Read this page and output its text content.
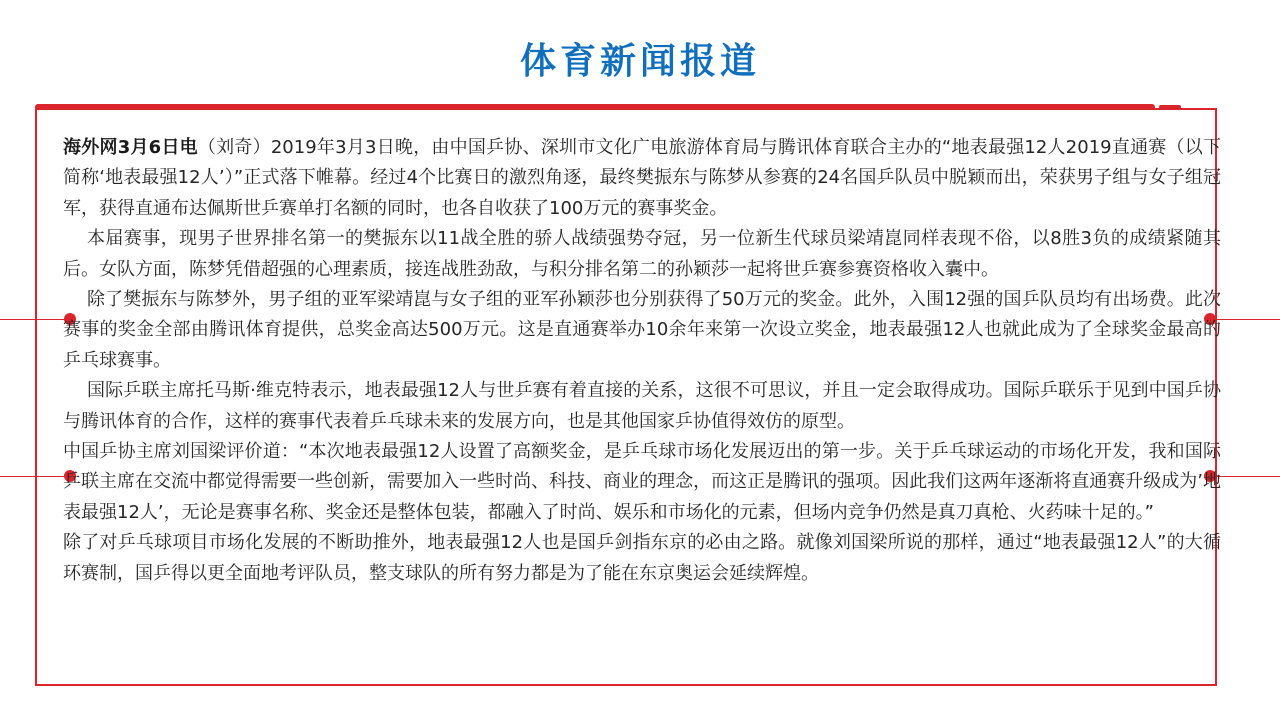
体育新闻报道

海外网3月6日电（刘奇）2019年3月3日晚，由中国乒协、深圳市文化广电旅游体育局与腾讯体育联合主办的“地表最强12人2019直通赛（以下简称‘地表最强12人’）”正式落下帷幕。经过4个比赛日的激烈角逐，最终樊振东与陈梦从参赛的24名国乒队员中脱颖而出，荣获男子组与女子组冠军，获得直通布达佩斯世乒赛单打名额的同时，也各自收获了100万元的赛事奖金。

本届赛事，现男子世界排名第一的樊振东以11战全胜的骄人战绩强势夺冠，另一位新生代球员梁靖崑同样表现不俗，以8胜3负的成绩紧随其后。女队方面，陈梦凭借超强的心理素质，接连战胜劲敌，与积分排名第二的孙颖莎一起将世乒赛参赛资格收入囊中。

除了樊振东与陈梦外，男子组的亚军梁靖崑与女子组的亚军孙颖莎也分别获得了50万元的奖金。此外，入围12强的国乒队员均有出场费。此次赛事的奖金全部由腾讯体育提供，总奖金高达500万元。这是直通赛举办10余年来第一次设立奖金，地表最强12人也就此成为了全球奖金最高的乒乓球赛事。

国际乒联主席托马斯·维克特表示，地表最强12人与世乒赛有着直接的关系，这很不可思议，并且一定会取得成功。国际乒联乐于见到中国乒协与腾讯体育的合作，这样的赛事代表着乒乓球未来的发展方向，也是其他国家乒协值得效仿的原型。

中国乒协主席刘国梁评价道：“本次地表最强12人设置了高额奖金，是乒乓球市场化发展迈出的第一步。关于乒乓球运动的市场化开发，我和国际乒联主席在交流中都觉得需要一些创新，需要加入一些时尚、科技、商业的理念，而这正是腾讯的强项。因此我们这两年逐渐将直通赛升级成为’地表最强12人’，无论是赛事名称、奖金还是整体包装，都融入了时尚、娱乐和市场化的元素，但场内竞争仍然是真刀真枪、火药味十足的。”

除了对乒乓球项目市场化发展的不断助推外，地表最强12人也是国乒剑指东京的必由之路。就像刘国梁所说的那样，通过“地表最强12人”的大循环赛制，国乒得以更全面地考评队员，整支球队的所有努力都是为了能在东京奥运会延续辉煌。
